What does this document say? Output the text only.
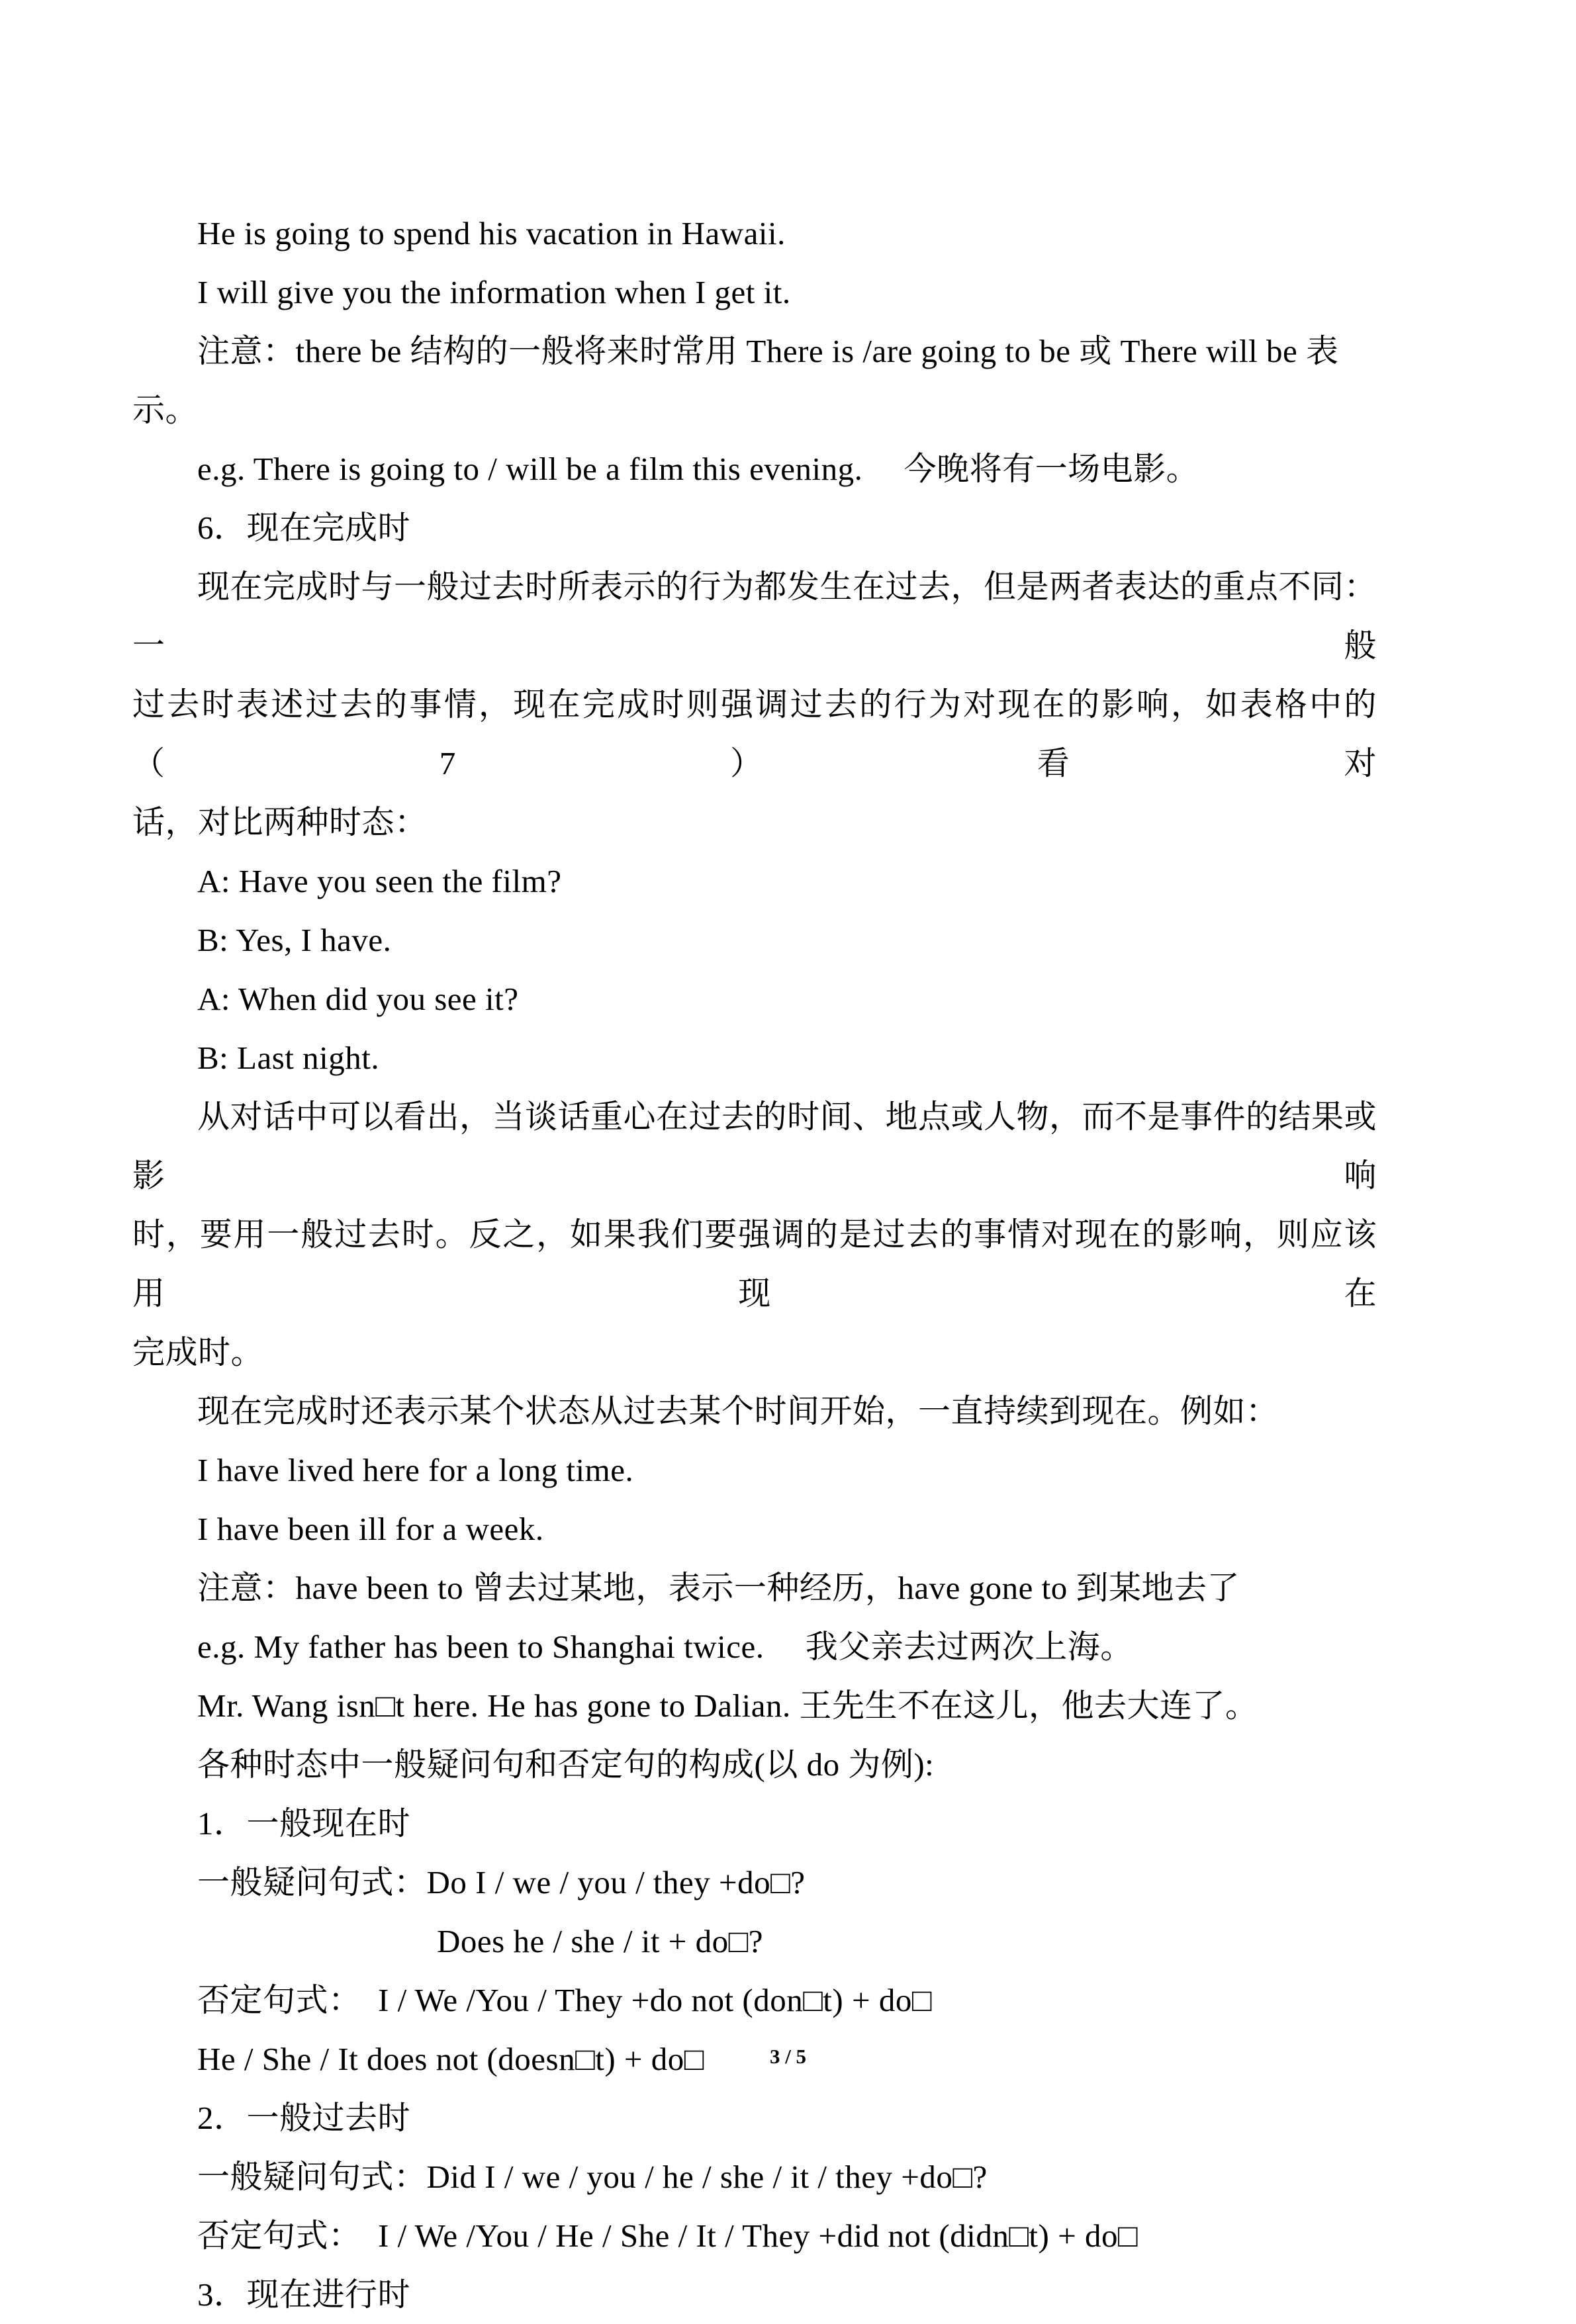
He is going to spend his vacation in Hawaii.
I will give you the information when I get it.
注意：there be 结构的一般将来时常用 There is /are going to be 或 There will be 表示。
e.g. There is going to / will be a film this evening.　 今晚将有一场电影。
6．现在完成时
现在完成时与一般过去时所表示的行为都发生在过去，但是两者表达的重点不同：一般
过去时表述过去的事情，现在完成时则强调过去的行为对现在的影响，如表格中的（7）看对
话，对比两种时态：
A: Have you seen the film?
B: Yes, I have.
A: When did you see it?
B: Last night.
从对话中可以看出，当谈话重心在过去的时间、地点或人物，而不是事件的结果或影响
时，要用一般过去时。反之，如果我们要强调的是过去的事情对现在的影响，则应该用现在
完成时。
现在完成时还表示某个状态从过去某个时间开始，一直持续到现在。例如：
I have lived here for a long time.
I have been ill for a week.
注意：have been to 曾去过某地，表示一种经历，have gone to 到某地去了
e.g. My father has been to Shanghai twice.　 我父亲去过两次上海。
Mr. Wang isn□t here. He has gone to Dalian. 王先生不在这儿，他去大连了。
各种时态中一般疑问句和否定句的构成(以 do 为例):
1．一般现在时
一般疑问句式：Do I / we / you / they +do□?
Does he / she / it + do□?
否定句式：  I / We /You / They +do not (don□t) + do□
He / She / It does not (doesn□t) + do□
2．一般过去时
一般疑问句式：Did I / we / you / he / she / it / they +do□?
否定句式：  I / We /You / He / She / It / They +did not (didn□t) + do□
3．现在进行时
3 / 5
